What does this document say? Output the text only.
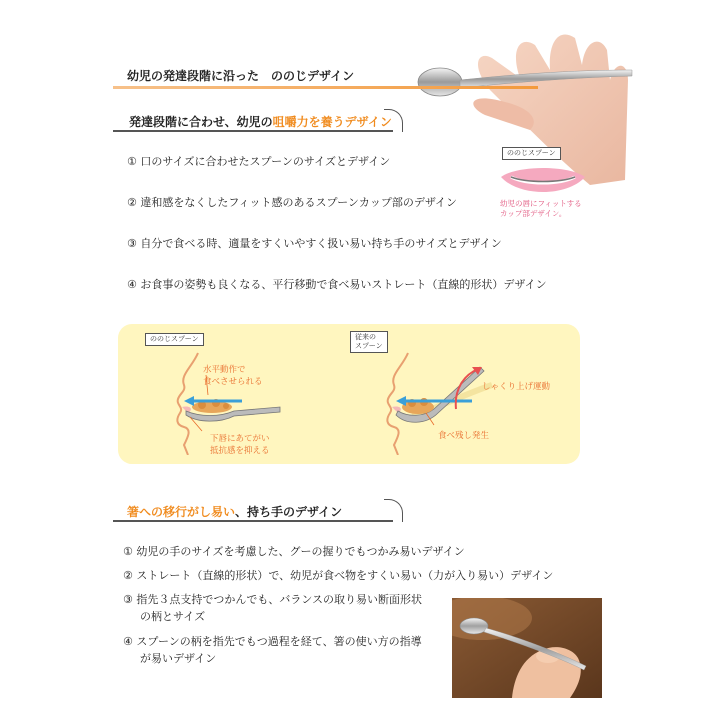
幼児の発達段階に沿った　ののじデザイン
発達段階に合わせ、幼児の咀嚼力を養うデザイン
① 口のサイズに合わせたスプーンのサイズとデザイン
② 違和感をなくしたフィット感のあるスプーンカップ部のデザイン
③ 自分で食べる時、適量をすくいやすく扱い易い持ち手のサイズとデザイン
④ お食事の姿勢も良くなる、平行移動で食べ易いストレート（直線的形状）デザイン
ののじスプーン
幼児の唇にフィットする
カップ部デザイン。
ののじスプーン
水平動作で
食べさせられる
下唇にあてがい
抵抗感を抑える
従来の
スプーン
しゃくり上げ運動
食べ残し発生
箸への移行がし易い、持ち手のデザイン
① 幼児の手のサイズを考慮した、グーの握りでもつかみ易いデザイン
② ストレート（直線的形状）で、幼児が食べ物をすくい易い（力が入り易い）デザイン
③ 指先３点支持でつかんでも、バランスの取り易い断面形状
の柄とサイズ
④ スプーンの柄を指先でもつ過程を経て、箸の使い方の指導
が易いデザイン
